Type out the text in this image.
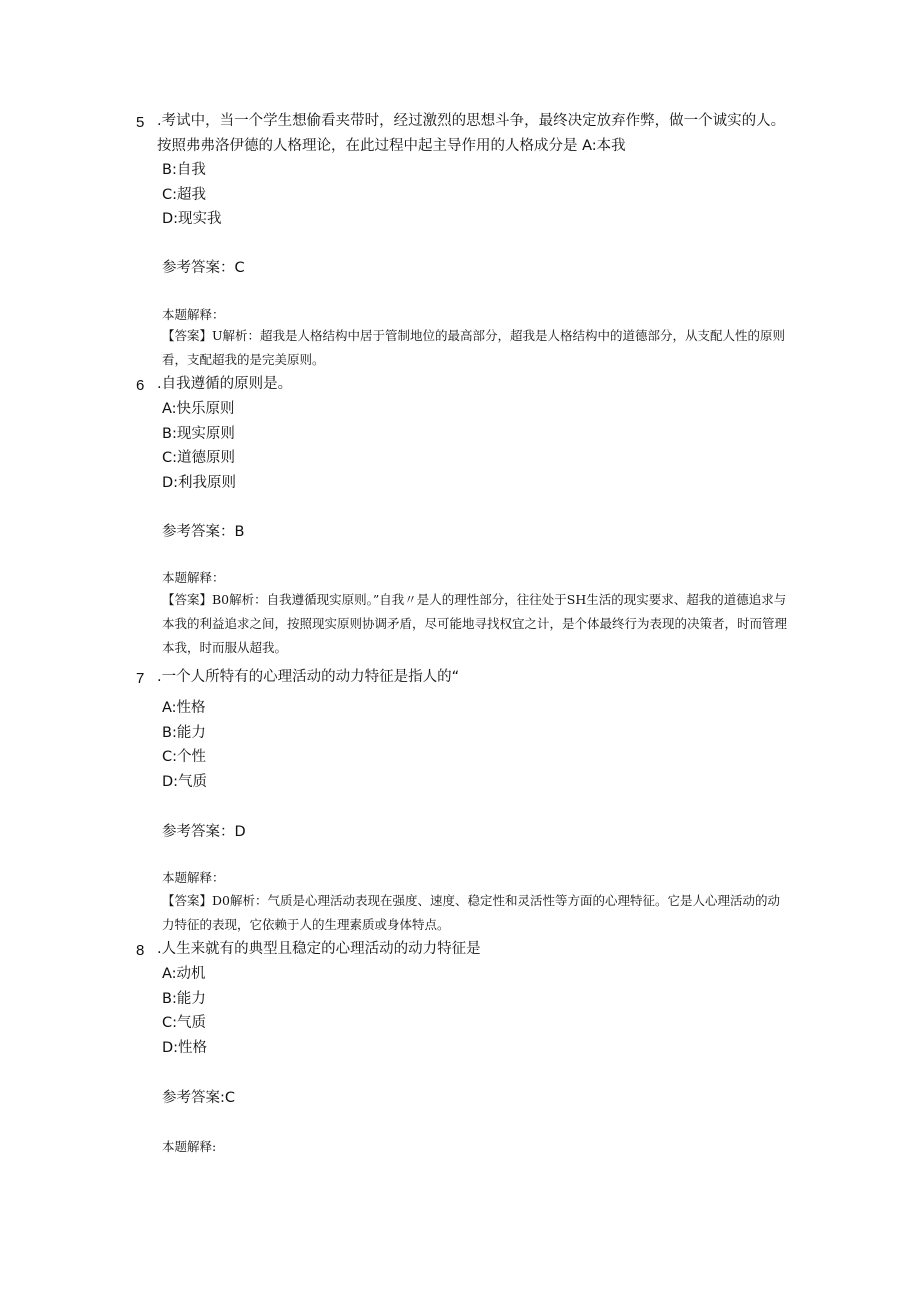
5 .考试中，当一个学生想偷看夹带时，经过激烈的思想斗争，最终决定放弃作弊，做一个诚实的人。按照弗弗洛伊德的人格理论，在此过程中起主导作用的人格成分是 A:本我
B:自我
C:超我
D:现实我
参考答案：C
本题解释：
【答案】U解析：超我是人格结构中居于管制地位的最高部分，超我是人格结构中的道德部分，从支配人性的原则看，支配超我的是完美原则。
6 .自我遵循的原则是。
A:快乐原则
B:现实原则
C:道德原则
D:利我原则
参考答案：B
本题解释：
【答案】B0解析：自我遵循现实原则。”自我〃是人的理性部分，往往处于SH生活的现实要求、超我的道德追求与本我的利益追求之间，按照现实原则协调矛盾，尽可能地寻找权宜之计，是个体最终行为表现的决策者，时而管理本我，时而服从超我。
7 .一个人所特有的心理活动的动力特征是指人的“
A:性格
B:能力
C:个性
D:气质
参考答案：D
本题解释：
【答案】D0解析：气质是心理活动表现在强度、速度、稳定性和灵活性等方面的心理特征。它是人心理活动的动力特征的表现，它依赖于人的生理素质或身体特点。
8 .人生来就有的典型且稳定的心理活动的动力特征是
A:动机
B:能力
C:气质
D:性格
参考答案:C
本题解释:
